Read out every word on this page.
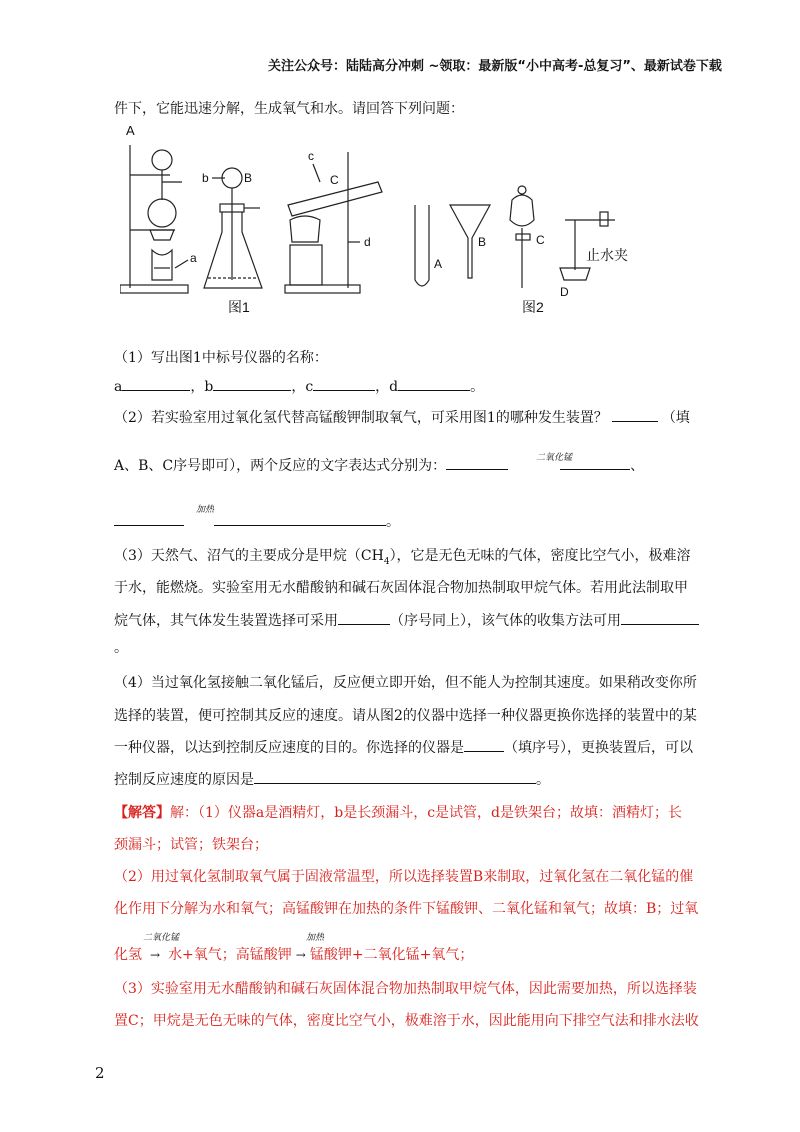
关注公众号：陆陆高分冲刺 ~领取：最新版“小中高考-总复习”、最新试卷下载
件下，它能迅速分解，生成氧气和水。请回答下列问题：
A
a
b	B
c
C
d
图1
A
B	C
D
止水夹
图2
（1）写出图1中标号仪器的名称：
a	，b	，c	，d	。
（2）若实验室用过氧化氢代替高锰酸钾制取氧气，可采用图1的哪种发生装置？	（填
A、B、C序号即可），两个反应的文字表达式分别为：	、
二氧化锰
。
加热
（3）天然气、沼气的主要成分是甲烷$(CH_4)$，它是无色无味的气体，密度比空气小，极难溶
于水，能燃烧。实验室用无水醋酸钠和碱石灰固体混合物加热制取甲烷气体。若用此法制取甲
烷气体，其气体发生装置选择可采用	（序号同上），该气体的收集方法可用
。
（4）当过氧化氢接触二氧化锰后，反应便立即开始，但不能人为控制其速度。如果稍改变你所
选择的装置，便可控制其反应的速度。请从图2的仪器中选择一种仪器更换你选择的装置中的某
一种仪器，以达到控制反应速度的目的。你选择的仪器是	（填序号），更换装置后，可以
控制反应速度的原因是	。
【解答】解：（1）仪器a是酒精灯，b是长颈漏斗，c是试管，d是铁架台；故填：酒精灯；长
颈漏斗；试管；铁架台；
（2）用过氧化氢制取氧气属于固液常温型，所以选择装置B来制取，过氧化氢在二氧化锰的催
化作用下分解为水和氧气；高锰酸钾在加热的条件下锰酸钾、二氧化锰和氧气；故填：B；过氧
化氢 → 水+氧气；高锰酸钾 → 锰酸钾+二氧化锰+氧气；
二氧化锰	加热
（3）实验室用无水醋酸钠和碱石灰固体混合物加热制取甲烷气体，因此需要加热，所以选择装
置C；甲烷是无色无味的气体，密度比空气小，极难溶于水，因此能用向下排空气法和排水法收
2
